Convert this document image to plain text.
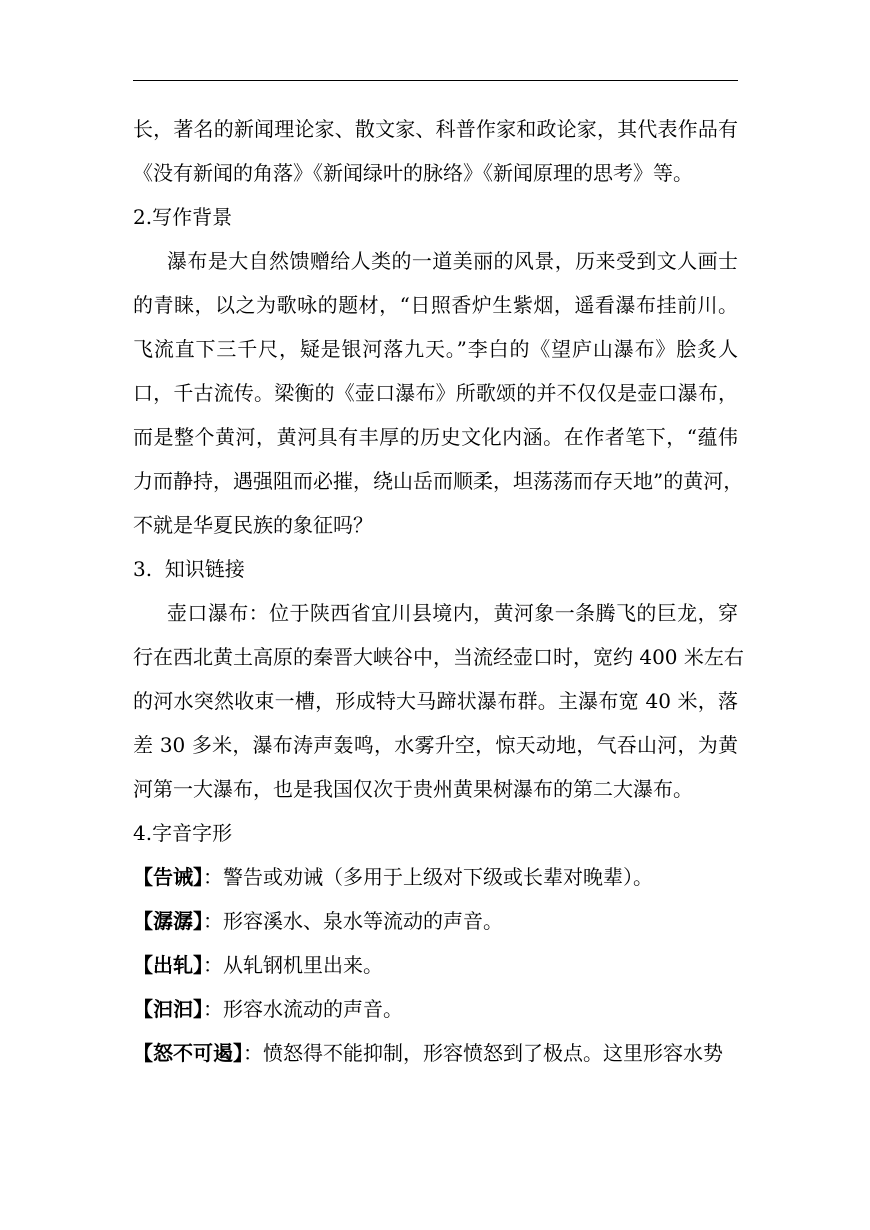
长，著名的新闻理论家、散文家、科普作家和政论家，其代表作品有
《没有新闻的角落》《新闻绿叶的脉络》《新闻原理的思考》等。
2.写作背景
瀑布是大自然馈赠给人类的一道美丽的风景，历来受到文人画士
的青睐，以之为歌咏的题材，“日照香炉生紫烟，遥看瀑布挂前川。
飞流直下三千尺，疑是银河落九天。”李白的《望庐山瀑布》脍炙人
口，千古流传。梁衡的《壶口瀑布》所歌颂的并不仅仅是壶口瀑布，
而是整个黄河，黄河具有丰厚的历史文化内涵。在作者笔下，“蕴伟
力而静持，遇强阻而必摧，绕山岳而顺柔，坦荡荡而存天地”的黄河，
不就是华夏民族的象征吗？
3.  知识链接
壶口瀑布：位于陕西省宜川县境内，黄河象一条腾飞的巨龙，穿
行在西北黄土高原的秦晋大峡谷中，当流经壶口时，宽约 400 米左右
的河水突然收束一槽，形成特大马蹄状瀑布群。主瀑布宽 40 米，落
差 30 多米，瀑布涛声轰鸣，水雾升空，惊天动地，气吞山河，为黄
河第一大瀑布，也是我国仅次于贵州黄果树瀑布的第二大瀑布。
4.字音字形
【告诫】：警告或劝诫（多用于上级对下级或长辈对晚辈）。
【潺潺】：形容溪水、泉水等流动的声音。
【出轧】：从轧钢机里出来。
【汩汩】：形容水流动的声音。
【怒不可遏】：愤怒得不能抑制，形容愤怒到了极点。这里形容水势
